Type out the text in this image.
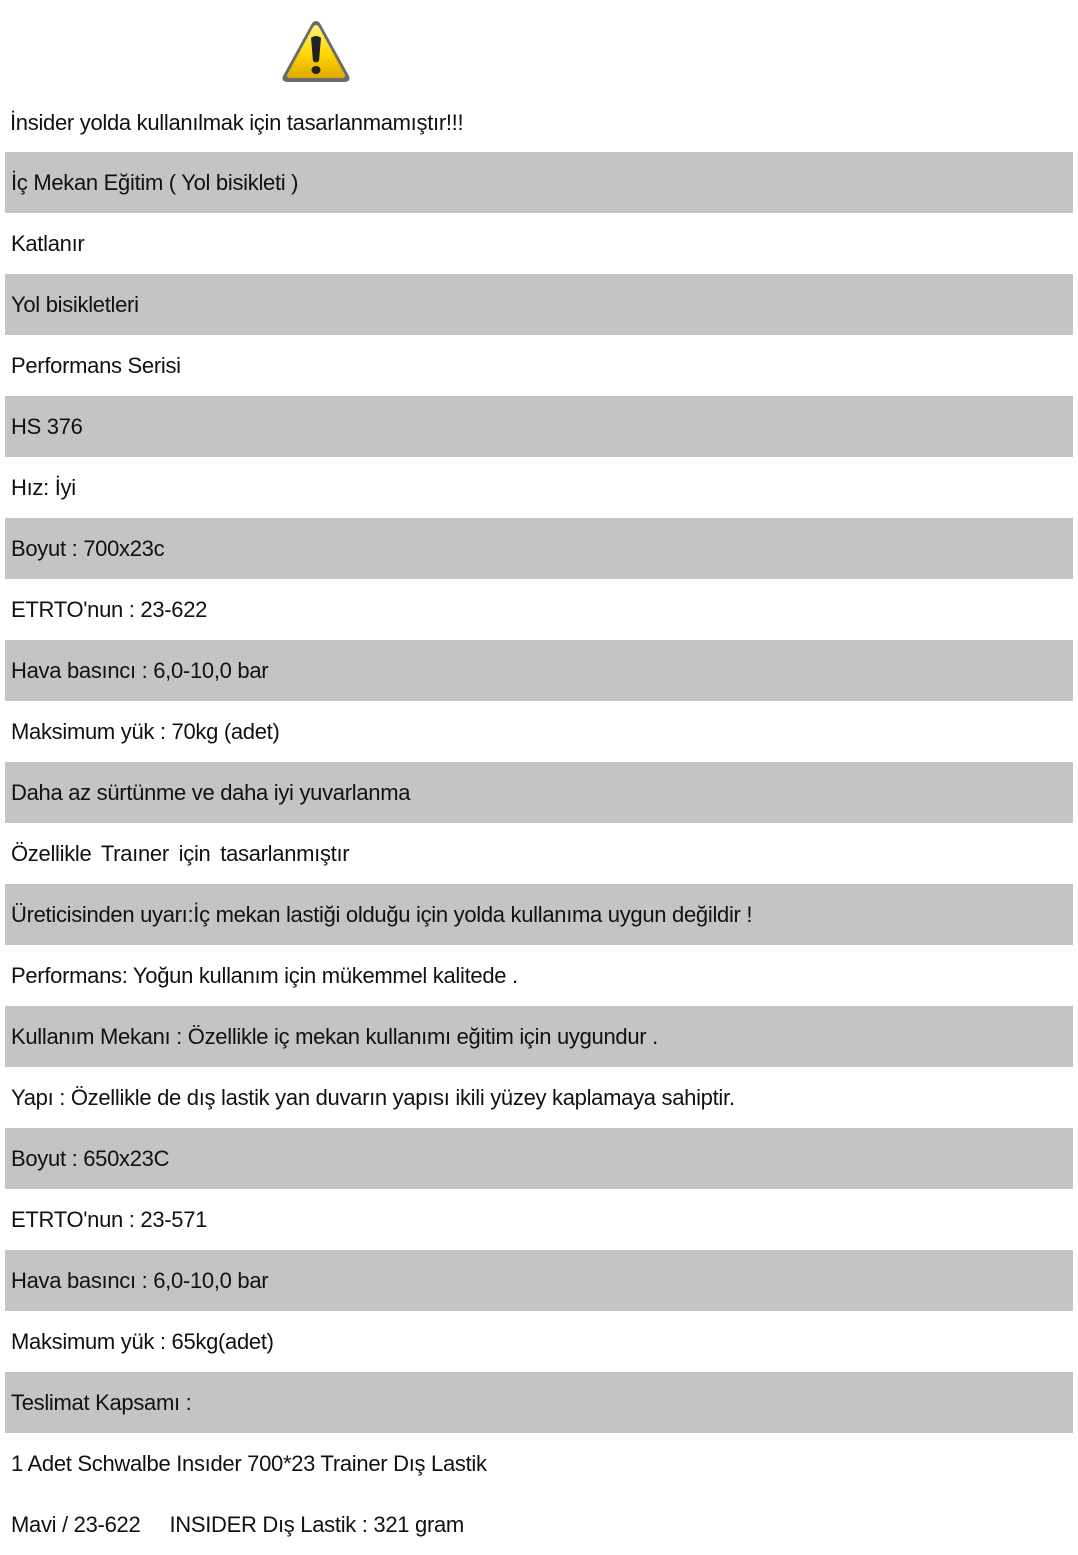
İnsider yolda kullanılmak için tasarlanmamıştır!!!
İç Mekan Eğitim ( Yol bisikleti )
Katlanır
Yol bisikletleri
Performans Serisi
HS 376
Hız: İyi
Boyut : 700x23c
ETRTO'nun : 23-622
Hava basıncı : 6,0-10,0 bar
Maksimum yük : 70kg (adet)
Daha az sürtünme ve daha iyi yuvarlanma
Özellikle Traıner için tasarlanmıştır
Üreticisinden uyarı:İç mekan lastiği olduğu için yolda kullanıma uygun değildir !
Performans: Yoğun kullanım için mükemmel kalitede .
Kullanım Mekanı : Özellikle iç mekan kullanımı eğitim için uygundur .
Yapı : Özellikle de dış lastik yan duvarın yapısı ikili yüzey kaplamaya sahiptir.
Boyut : 650x23C
ETRTO'nun : 23-571
Hava basıncı : 6,0-10,0 bar
Maksimum yük : 65kg(adet)
Teslimat Kapsamı :
1 Adet Schwalbe Insıder 700*23 Trainer Dış Lastik
Mavi / 23-622     INSIDER Dış Lastik : 321 gram
